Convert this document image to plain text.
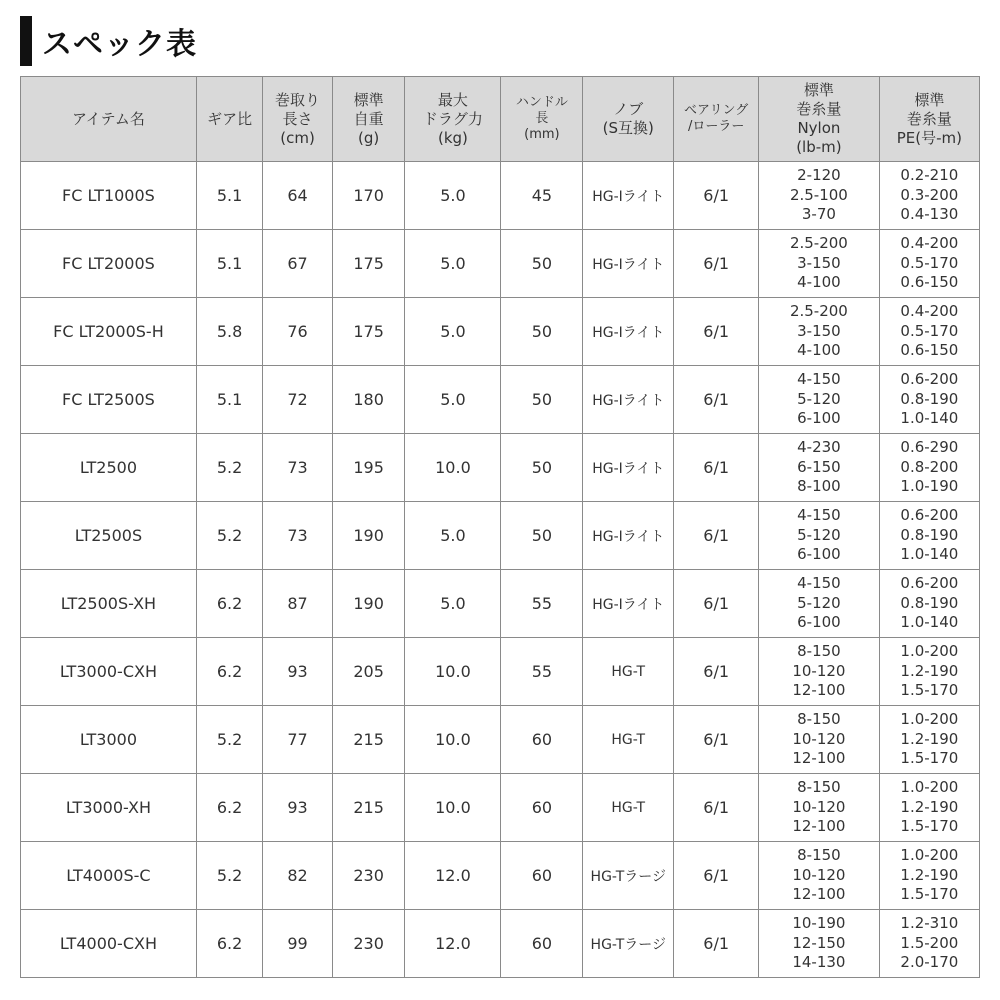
スペック表
アイテム名	ギア比	巻取り
長さ
(cm)	標準
自重
(g)	最大
ドラグ力
(kg)	ハンドル
長
(mm)	ノブ
(S互換)	ベアリング
/ローラー	標準
巻糸量
Nylon
(lb-m)	標準
巻糸量
PE(号-m)

FC LT1000S	5.1	64	170	5.0	45	HG-Iライト	6/1	2-120
2.5-100
3-70	0.2-210
0.3-200
0.4-130

FC LT2000S	5.1	67	175	5.0	50	HG-Iライト	6/1	2.5-200
3-150
4-100	0.4-200
0.5-170
0.6-150

FC LT2000S-H	5.8	76	175	5.0	50	HG-Iライト	6/1	2.5-200
3-150
4-100	0.4-200
0.5-170
0.6-150

FC LT2500S	5.1	72	180	5.0	50	HG-Iライト	6/1	4-150
5-120
6-100	0.6-200
0.8-190
1.0-140

LT2500	5.2	73	195	10.0	50	HG-Iライト	6/1	4-230
6-150
8-100	0.6-290
0.8-200
1.0-190

LT2500S	5.2	73	190	5.0	50	HG-Iライト	6/1	4-150
5-120
6-100	0.6-200
0.8-190
1.0-140

LT2500S-XH	6.2	87	190	5.0	55	HG-Iライト	6/1	4-150
5-120
6-100	0.6-200
0.8-190
1.0-140

LT3000-CXH	6.2	93	205	10.0	55	HG-T	6/1	8-150
10-120
12-100	1.0-200
1.2-190
1.5-170

LT3000	5.2	77	215	10.0	60	HG-T	6/1	8-150
10-120
12-100	1.0-200
1.2-190
1.5-170

LT3000-XH	6.2	93	215	10.0	60	HG-T	6/1	8-150
10-120
12-100	1.0-200
1.2-190
1.5-170

LT4000S-C	5.2	82	230	12.0	60	HG-Tラージ	6/1	8-150
10-120
12-100	1.0-200
1.2-190
1.5-170

LT4000-CXH	6.2	99	230	12.0	60	HG-Tラージ	6/1	10-190
12-150
14-130	1.2-310
1.5-200
2.0-170
